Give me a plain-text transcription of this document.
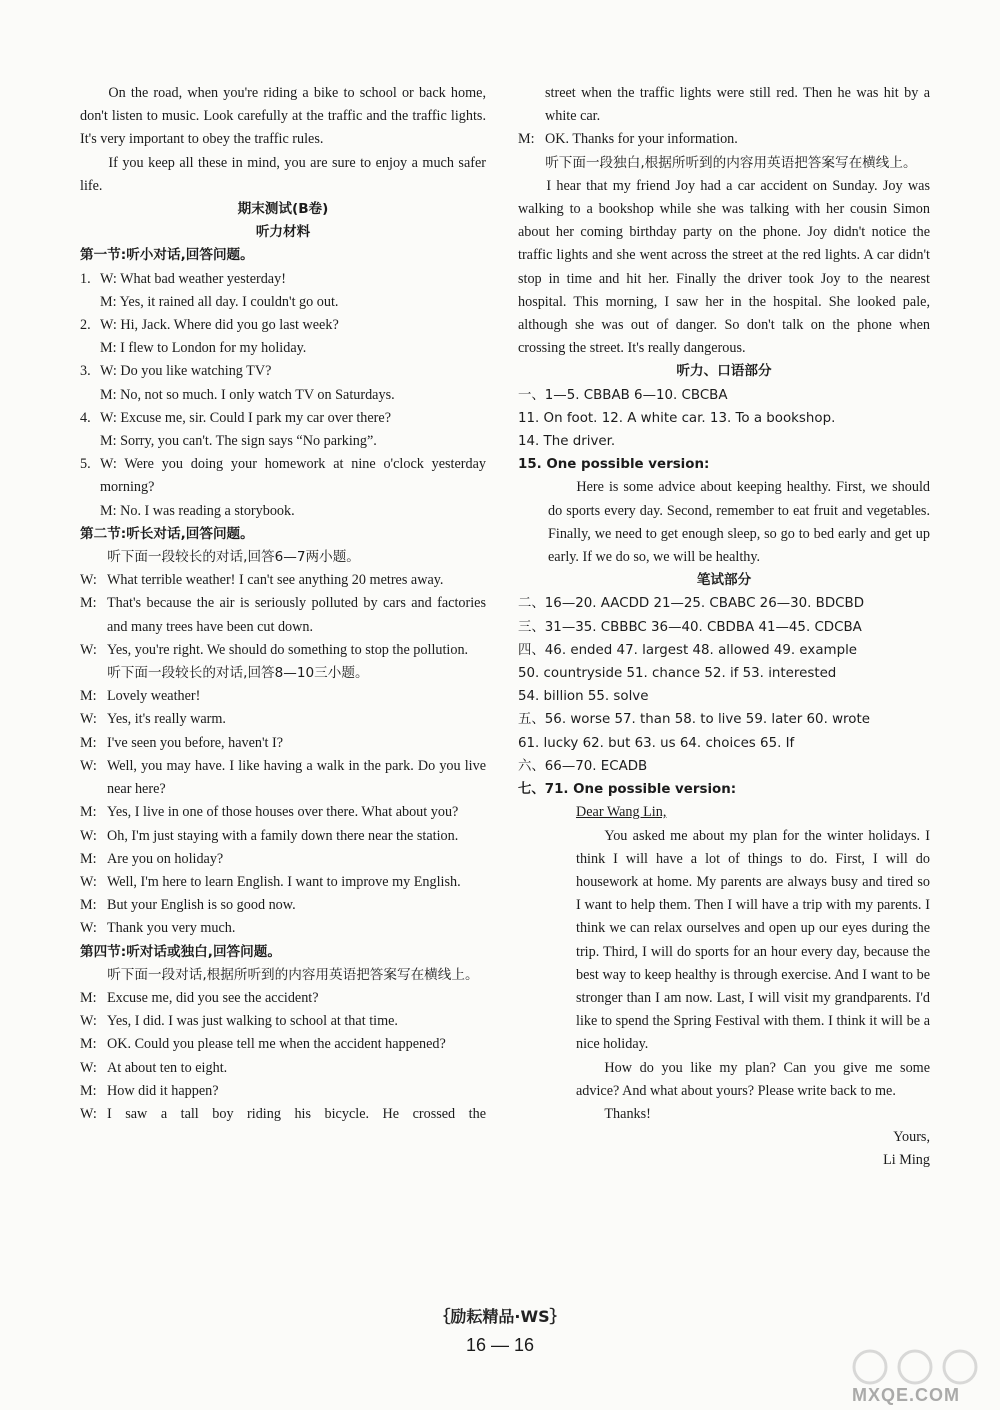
On the road, when you're riding a bike to school or back home, don't listen to music. Look carefully at the traffic and the traffic lights. It's very important to obey the traffic rules.

If you keep all these in mind, you are sure to enjoy a much safer life.

期末测试(B卷)

听力材料

第一节:听小对话,回答问题。

1. W: What bad weather yesterday!

M: Yes, it rained all day. I couldn't go out.

2. W: Hi, Jack. Where did you go last week?

M: I flew to London for my holiday.

3. W: Do you like watching TV?

M: No, not so much. I only watch TV on Saturdays.

4. W: Excuse me, sir. Could I park my car over there?

M: Sorry, you can't. The sign says “No parking”.

5. W: Were you doing your homework at nine o'clock yesterday morning?

M: No. I was reading a storybook.

第二节:听长对话,回答问题。

听下面一段较长的对话,回答6—7两小题。

W: What terrible weather! I can't see anything 20 metres away.
M: That's because the air is seriously polluted by cars and factories and many trees have been cut down.
W: Yes, you're right. We should do something to stop the pollution.

听下面一段较长的对话,回答8—10三小题。

M: Lovely weather!
W: Yes, it's really warm.
M: I've seen you before, haven't I?
W: Well, you may have. I like having a walk in the park. Do you live near here?
M: Yes, I live in one of those houses over there. What about you?
W: Oh, I'm just staying with a family down there near the station.
M: Are you on holiday?
W: Well, I'm here to learn English. I want to improve my English.
M: But your English is so good now.
W: Thank you very much.

第四节:听对话或独白,回答问题。

听下面一段对话,根据所听到的内容用英语把答案写在横线上。

M: Excuse me, did you see the accident?
W: Yes, I did. I was just walking to school at that time.
M: OK. Could you please tell me when the accident happened?
W: At about ten to eight.
M: How did it happen?
W: I saw a tall boy riding his bicycle. He crossed the

street when the traffic lights were still red. Then he was hit by a white car.

M: OK. Thanks for your information.

听下面一段独白,根据所听到的内容用英语把答案写在横线上。

I hear that my friend Joy had a car accident on Sunday. Joy was walking to a bookshop while she was talking with her cousin Simon about her coming birthday party on the phone. Joy didn't notice the traffic lights and she went across the street at the red lights. A car didn't stop in time and hit her. Finally the driver took Joy to the nearest hospital. This morning, I saw her in the hospital. She looked pale, although she was out of danger. So don't talk on the phone when crossing the street. It's really dangerous.

听力、口语部分

一、1—5. CBBAB 6—10. CBCBA

11. On foot. 12. A white car. 13. To a bookshop.

14. The driver.

15. One possible version:

Here is some advice about keeping healthy. First, we should do sports every day. Second, remember to eat fruit and vegetables. Finally, we need to get enough sleep, so go to bed early and get up early. If we do so, we will be healthy.

笔试部分

二、16—20. AACDD 21—25. CBABC 26—30. BDCBD

三、31—35. CBBBC 36—40. CBDBA 41—45. CDCBA

四、46. ended 47. largest 48. allowed 49. example

50. countryside 51. chance 52. if 53. interested

54. billion 55. solve

五、56. worse 57. than 58. to live 59. later 60. wrote

61. lucky 62. but 63. us 64. choices 65. If

六、66—70. ECADB

七、71. One possible version:

Dear Wang Lin,

You asked me about my plan for the winter holidays. I think I will have a lot of things to do. First, I will do housework at home. My parents are always busy and tired so I want to help them. Then I will have a trip with my parents. I think we can relax ourselves and open up our eyes during the trip. Third, I will do sports for an hour every day, because the best way to keep healthy is through exercise. And I want to be stronger than I am now. Last, I will visit my grandparents. I'd like to spend the Spring Festival with them. I think it will be a nice holiday.

How do you like my plan? Can you give me some advice? And what about yours? Please write back to me.

Thanks!

Yours,

Li Ming

｛励耘精品·WS｝
16 — 16
MXQE.COM
